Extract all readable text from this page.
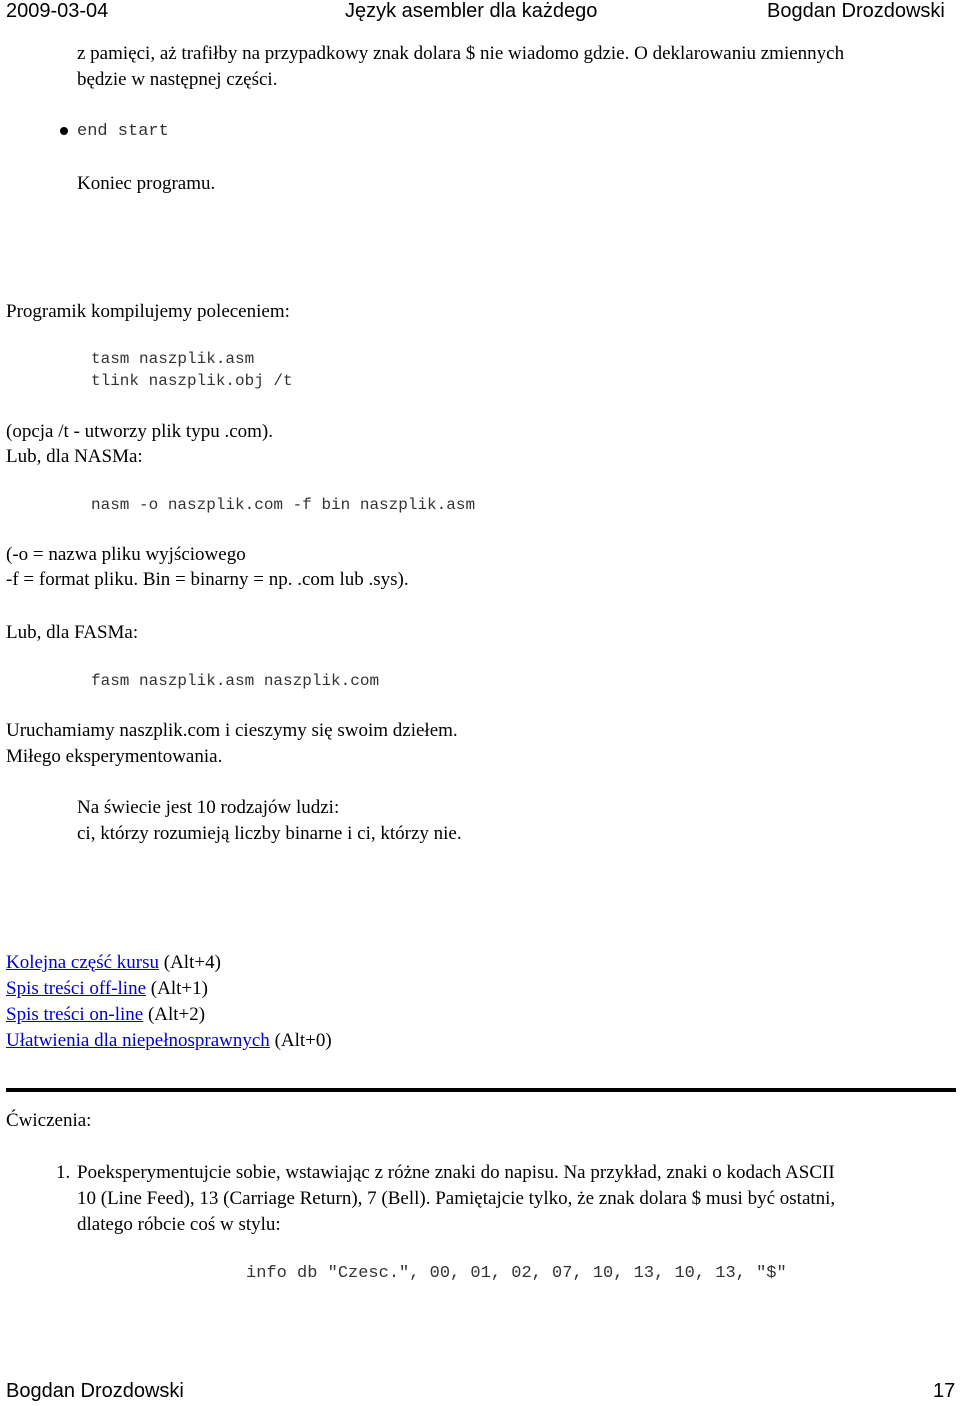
2009-03-04	Język asembler dla każdego	Bogdan Drozdowski
z pamięci, aż trafiłby na przypadkowy znak dolara $ nie wiadomo gdzie. O deklarowaniu zmiennych
będzie w następnej części.
end start
Koniec programu.
Programik kompilujemy poleceniem:
tasm naszplik.asm
tlink naszplik.obj /t
(opcja /t - utworzy plik typu .com).
Lub, dla NASMa:
nasm -o naszplik.com -f bin naszplik.asm
(-o = nazwa pliku wyjściowego
-f = format pliku. Bin = binarny = np. .com lub .sys).
Lub, dla FASMa:
fasm naszplik.asm naszplik.com
Uruchamiamy naszplik.com i cieszymy się swoim dziełem.
Miłego eksperymentowania.
Na świecie jest 10 rodzajów ludzi:
ci, którzy rozumieją liczby binarne i ci, którzy nie.
Kolejna część kursu (Alt+4)
Spis treści off-line (Alt+1)
Spis treści on-line (Alt+2)
Ułatwienia dla niepełnosprawnych (Alt+0)
Ćwiczenia:
1. Poeksperymentujcie sobie, wstawiając z różne znaki do napisu. Na przykład, znaki o kodach ASCII
10 (Line Feed), 13 (Carriage Return), 7 (Bell). Pamiętajcie tylko, że znak dolara $ musi być ostatni,
dlatego róbcie coś w stylu:
info db "Czesc.", 00, 01, 02, 07, 10, 13, 10, 13, "$"
Bogdan Drozdowski	17
